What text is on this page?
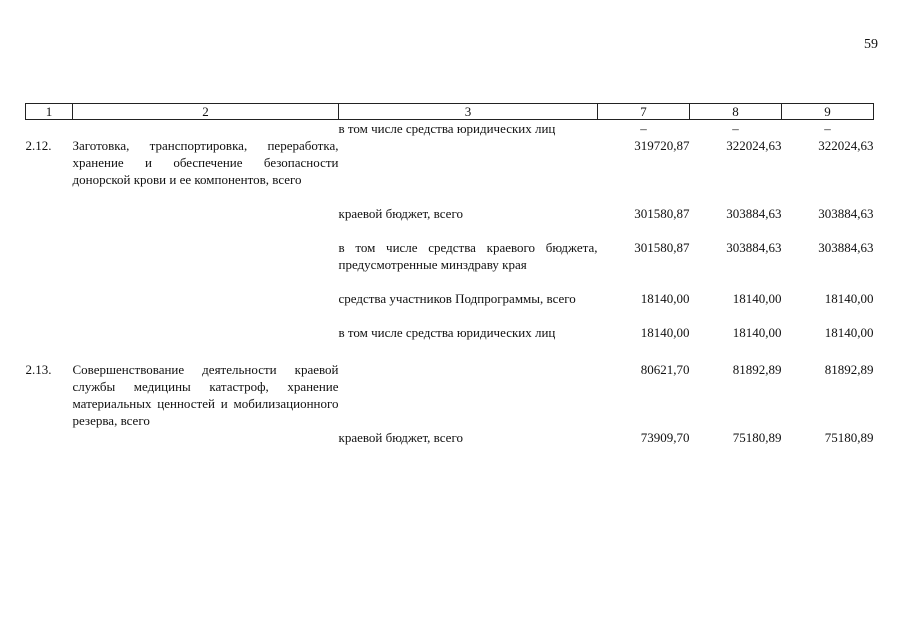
59
1	2	3	7	8	9
		в том числе средства юридических лиц	–	–	–
2.12.	Заготовка, транспортировка, переработка, хранение и обеспечение безопасности донорской крови и ее компонентов, всего		319720,87	322024,63	322024,63

		краевой бюджет, всего	301580,87	303884,63	303884,63

		в том числе средства краевого бюджета, предусмотренные минздраву края	301580,87	303884,63	303884,63

		средства участников Подпрограммы, всего	18140,00	18140,00	18140,00

		в том числе средства юридических лиц	18140,00	18140,00	18140,00

2.13.	Совершенствование деятельности краевой службы медицины катастроф, хранение материальных ценностей и мобилизационного резерва, всего		80621,70	81892,89	81892,89
		краевой бюджет, всего	73909,70	75180,89	75180,89
